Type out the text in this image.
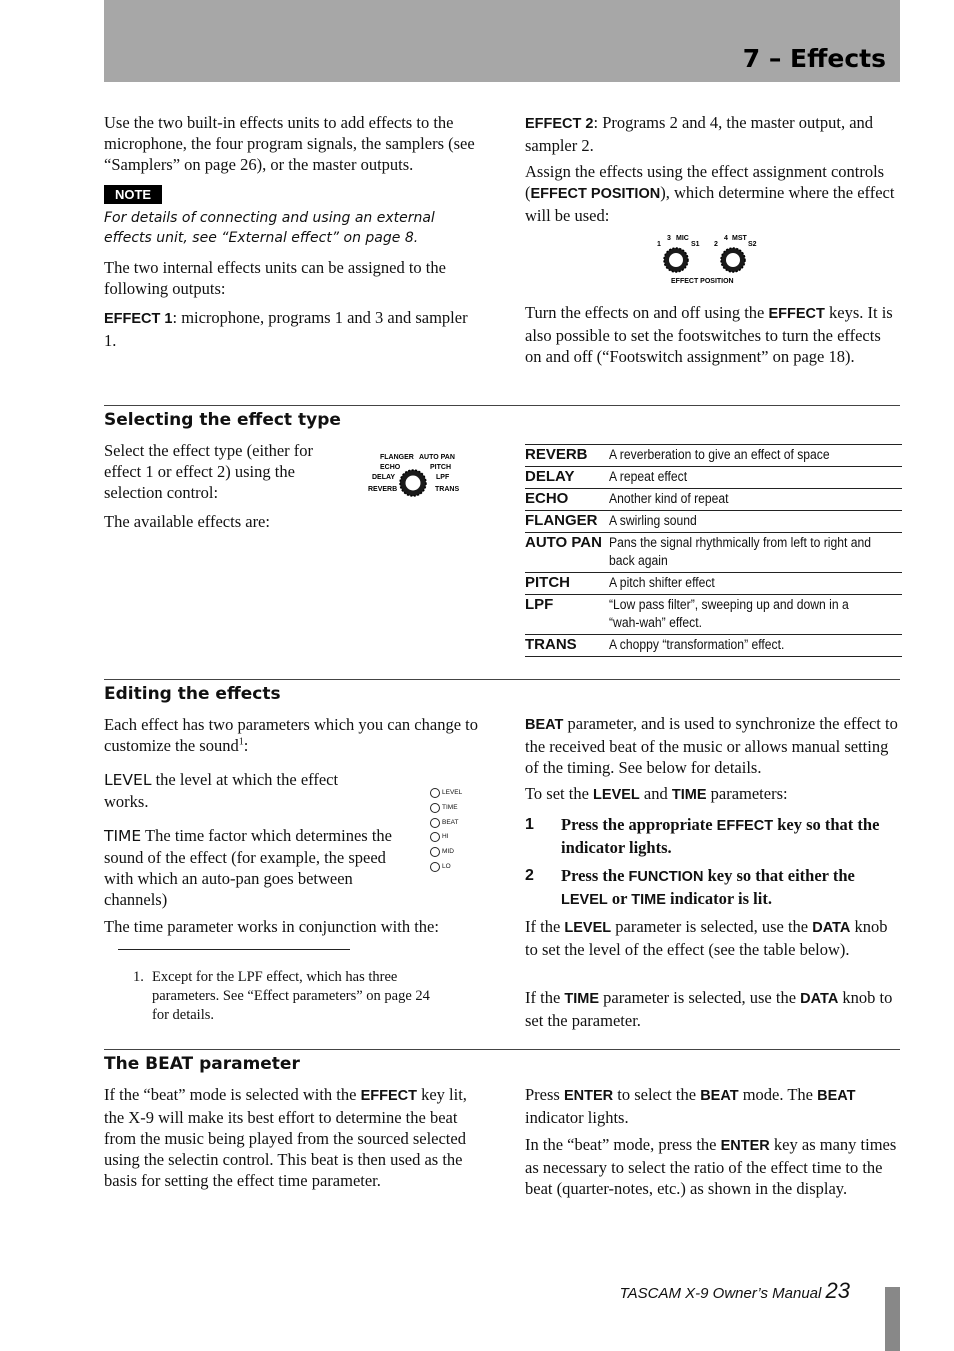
7 – Effects

Use the two built-in effects units to add effects to the microphone, the four program signals, the samplers (see “Samplers” on page 26), or the master outputs.

NOTE

For details of connecting and using an external effects unit, see “External effect” on page 8.

The two internal effects units can be assigned to the following outputs:

EFFECT 1: microphone, programs 1 and 3 and sampler 1.

EFFECT 2: Programs 2 and 4, the master output, and sampler 2.

Assign the effects using the effect assignment controls (EFFECT POSITION), which determine where the effect will be used:

1
3 MIC
S1 2
4 MST
S2
EFFECT POSITION

Turn the effects on and off using the EFFECT keys. It is also possible to set the footswitches to turn the effects on and off (“Footswitch assignment” on page 18).

Selecting the effect type

Select the effect type (either for effect 1 or effect 2) using the selection control:

The available effects are:

FLANGER AUTO PAN
ECHO	PITCH
DELAY	LPF
REVERB	TRANS
REVERB	A reverberation to give an effect of space
DELAY	A repeat effect
ECHO	Another kind of repeat
FLANGER	A swirling sound
AUTO PAN	Pans the signal rhythmically from left to right and back again
PITCH	A pitch shifter effect
LPF	“Low pass filter”, sweeping up and down in a “wah-wah” effect.
TRANS	A choppy “transformation” effect.
Editing the effects

Each effect has two parameters which you can change to customize the sound$^1$:

LEVEL the level at which the effect works.

TIME The time factor which determines the sound of the effect (for example, the speed with which an auto-pan goes between channels)

LEVEL
TIME
BEAT
HI
MID
LO

The time parameter works in conjunction with the:

1. Except for the LPF effect, which has three parameters. See “Effect parameters” on page 24 for details.

BEAT parameter, and is used to synchronize the effect to the received beat of the music or allows manual setting of the timing. See below for details.

To set the LEVEL and TIME parameters:

1 Press the appropriate EFFECT key so that the indicator lights.

2 Press the FUNCTION key so that either the LEVEL or TIME indicator is lit.

If the LEVEL parameter is selected, use the DATA knob to set the level of the effect (see the table below).

If the TIME parameter is selected, use the DATA knob to set the parameter.

The BEAT parameter

If the “beat” mode is selected with the EFFECT key lit, the X-9 will make its best effort to determine the beat from the music being played from the sourced selected using the selectin control. This beat is then used as the basis for setting the effect time parameter.

Press ENTER to select the BEAT mode. The BEAT indicator lights.

In the “beat” mode, press the ENTER key as many times as necessary to select the ratio of the effect time to the beat (quarter-notes, etc.) as shown in the display.

TASCAM X-9 Owner’s Manual 23
